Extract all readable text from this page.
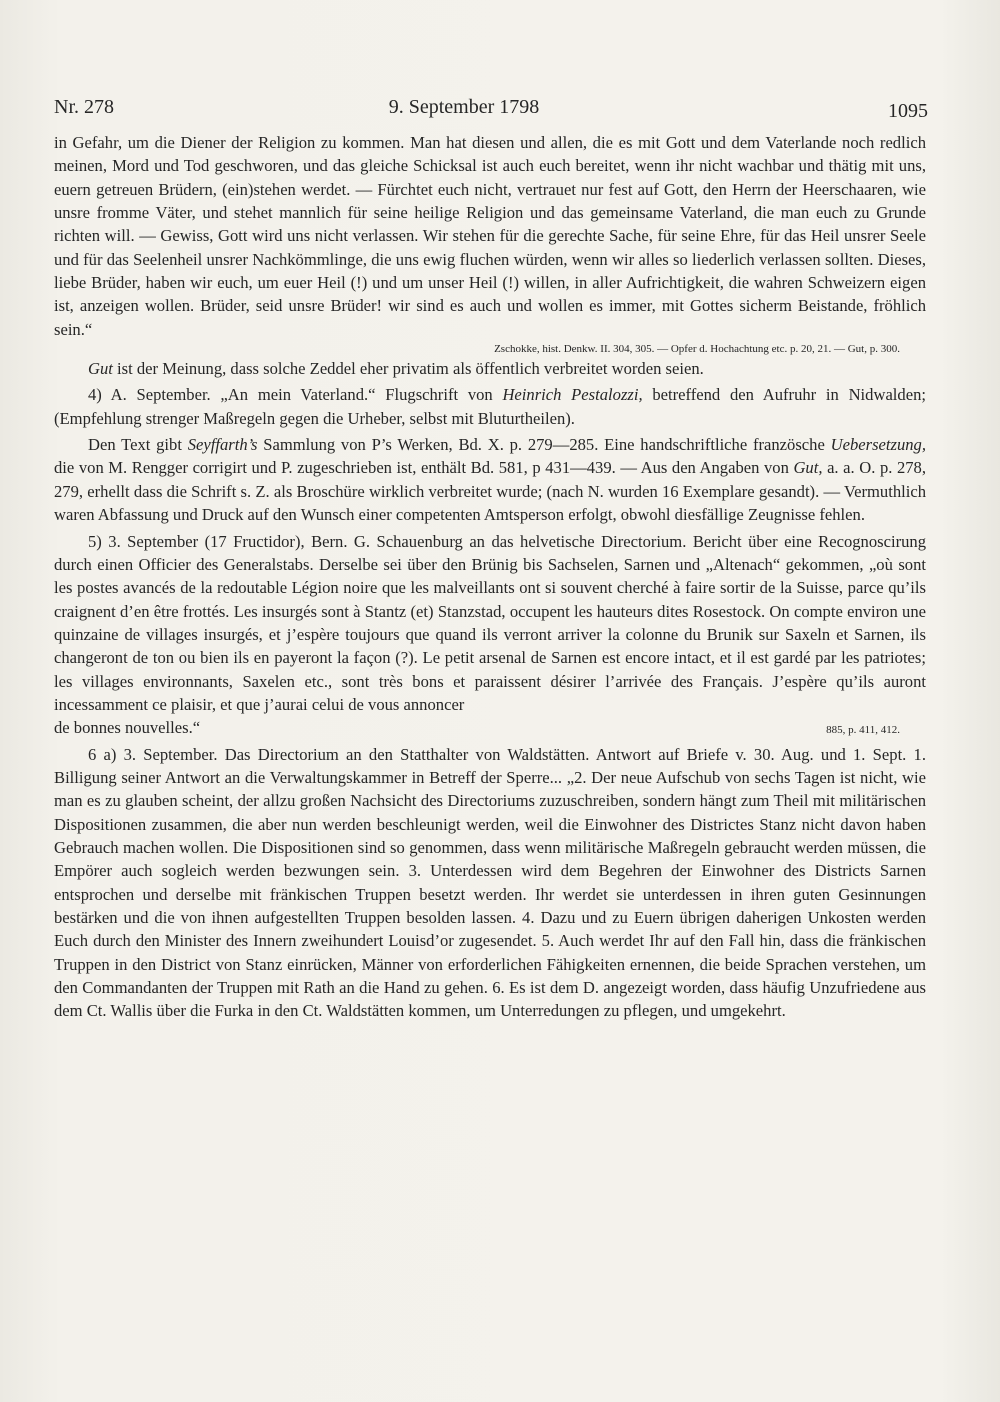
Nr. 278	9. September 1798	1095

in Gefahr, um die Diener der Religion zu kommen. Man hat diesen und allen, die es mit Gott und dem Vaterlande noch redlich meinen, Mord und Tod geschworen, und das gleiche Schicksal ist auch euch bereitet, wenn ihr nicht wachbar und thätig mit uns, euern getreuen Brüdern, (ein)stehen werdet. — Fürchtet euch nicht, vertrauet nur fest auf Gott, den Herrn der Heerschaaren, wie unsre fromme Väter, und stehet mannlich für seine heilige Religion und das gemeinsame Vaterland, die man euch zu Grunde richten will. — Gewiss, Gott wird uns nicht verlassen. Wir stehen für die gerechte Sache, für seine Ehre, für das Heil unsrer Seele und für das Seelenheil unsrer Nachkömmlinge, die uns ewig fluchen würden, wenn wir alles so liederlich verlassen sollten. Dieses, liebe Brüder, haben wir euch, um euer Heil (!) und um unser Heil (!) willen, in aller Aufrichtigkeit, die wahren Schweizern eigen ist, anzeigen wollen. Brüder, seid unsre Brüder! wir sind es auch und wollen es immer, mit Gottes sicherm Beistande, fröhlich sein.“

Zschokke, hist. Denkw. II. 304, 305. — Opfer d. Hochachtung etc. p. 20, 21. — Gut, p. 300.

Gut ist der Meinung, dass solche Zeddel eher privatim als öffentlich verbreitet worden seien.

4) A. September. „An mein Vaterland.“ Flugschrift von Heinrich Pestalozzi, betreffend den Aufruhr in Nidwalden; (Empfehlung strenger Maßregeln gegen die Urheber, selbst mit Bluturtheilen).

Den Text gibt Seyffarth’s Sammlung von P’s Werken, Bd. X. p. 279—285. Eine handschriftliche französche Uebersetzung, die von M. Rengger corrigirt und P. zugeschrieben ist, enthält Bd. 581, p 431—439. — Aus den Angaben von Gut, a. a. O. p. 278, 279, erhellt dass die Schrift s. Z. als Broschüre wirklich verbreitet wurde; (nach N. wurden 16 Exemplare gesandt). — Vermuthlich waren Abfassung und Druck auf den Wunsch einer competenten Amtsperson erfolgt, obwohl diesfällige Zeugnisse fehlen.

5) 3. September (17 Fructidor), Bern. G. Schauenburg an das helvetische Directorium. Bericht über eine Recognoscirung durch einen Officier des Generalstabs. Derselbe sei über den Brünig bis Sachselen, Sarnen und „Altenach“ gekommen, „où sont les postes avancés de la redoutable Légion noire que les malveillants ont si souvent cherché à faire sortir de la Suisse, parce qu’ils craignent d’en être frottés. Les insurgés sont à Stantz (et) Stanzstad, occupent les hauteurs dites Rosestock. On compte environ une quinzaine de villages insurgés, et j’espère toujours que quand ils verront arriver la colonne du Brunik sur Saxeln et Sarnen, ils changeront de ton ou bien ils en payeront la façon (?). Le petit arsenal de Sarnen est encore intact, et il est gardé par les patriotes; les villages environnants, Saxelen etc., sont très bons et paraissent désirer l’arrivée des Français. J’espère qu’ils auront incessamment ce plaisir, et que j’aurai celui de vous annoncer

de bonnes nouvelles.“	885, p. 411, 412.

6 a) 3. September. Das Directorium an den Statthalter von Waldstätten. Antwort auf Briefe v. 30. Aug. und 1. Sept. 1. Billigung seiner Antwort an die Verwaltungskammer in Betreff der Sperre... „2. Der neue Aufschub von sechs Tagen ist nicht, wie man es zu glauben scheint, der allzu großen Nachsicht des Directoriums zuzuschreiben, sondern hängt zum Theil mit militärischen Dispositionen zusammen, die aber nun werden beschleunigt werden, weil die Einwohner des Districtes Stanz nicht davon haben Gebrauch machen wollen. Die Dispositionen sind so genommen, dass wenn militärische Maßregeln gebraucht werden müssen, die Empörer auch sogleich werden bezwungen sein. 3. Unterdessen wird dem Begehren der Einwohner des Districts Sarnen entsprochen und derselbe mit fränkischen Truppen besetzt werden. Ihr werdet sie unterdessen in ihren guten Gesinnungen bestärken und die von ihnen aufgestellten Truppen besolden lassen. 4. Dazu und zu Euern übrigen daherigen Unkosten werden Euch durch den Minister des Innern zweihundert Louisd’or zugesendet. 5. Auch werdet Ihr auf den Fall hin, dass die fränkischen Truppen in den District von Stanz einrücken, Männer von erforderlichen Fähigkeiten ernennen, die beide Sprachen verstehen, um den Commandanten der Truppen mit Rath an die Hand zu gehen. 6. Es ist dem D. angezeigt worden, dass häufig Unzufriedene aus dem Ct. Wallis über die Furka in den Ct. Waldstätten kommen, um Unterredungen zu pflegen, und umgekehrt.
